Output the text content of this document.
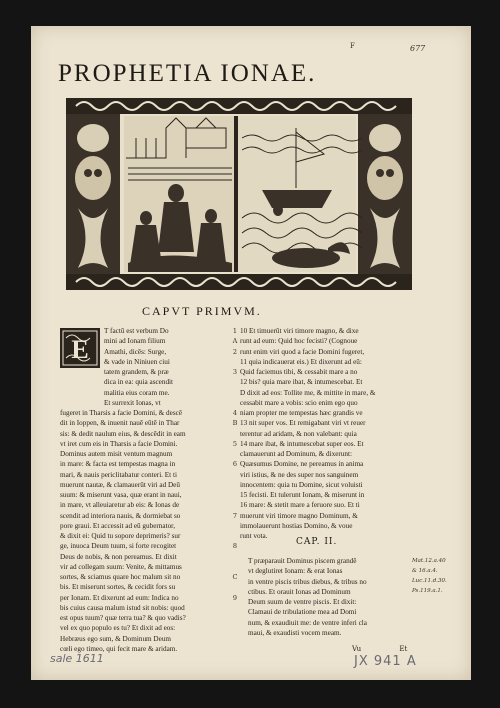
F	677
PROPHETIA IONAE.
CAPVT PRIMVM.
E
T factū est verbum Do
mini ad Ionam filium
Amathi, dicēs: Surge,
& vade in Niniuen ciui
tatem grandem, & præ
dica in ea: quia ascendit
malitia eius coram me.
Et surrexit Ionas, vt
fugeret in Tharsis a facie Domini, & descē
dit in Ioppen, & inuenit nauē eūtē in Thar
sis: & dedit naulum eius, & descēdit in eam
vt iret cum eis in Tharsis a facie Domini.
Dominus autem misit ventum magnum
in mare: & facta est tempestas magna in
mari, & nauis periclitabatur conteri. Et ti
muerunt nautæ, & clamauerūt viri ad Deū
suum: & miserunt vasa, quæ erant in naui,
in mare, vt alleuiaretur ab eis: & Ionas de
scendit ad interiora nauis, & dormiebat so
pore graui. Et accessit ad eū gubernator,
& dixit ei: Quid tu sopore deprimeris? sur
ge, inuoca Deum tuum, si forte recogitet
Deus de nobis, & non pereamus. Et dixit
vir ad collegam suum: Venite, & mittamus
sortes, & sciamus quare hoc malum sit no
bis. Et miserunt sortes, & cecidit fors su
per Ionam. Et dixerunt ad eum: Indica no
bis cuius causa malum istud sit nobis: quod
est opus tuum? quæ terra tua? & quo vadis?
vel ex quo populo es tu? Et dixit ad eos:
Hebræus ego sum, & Dominum Deum
cœli ego timeo, qui fecit mare & aridam.
1
A
2
3
4
B
5
6
7
8
C
9
10 Et timuerūt viri timore magno, & dixe
runt ad eum: Quid hoc fecisti? (Cognoue
runt enim viri quod a facie Domini fugeret,
11 quia indicauerat eis.) Et dixerunt ad eū:
Quid faciemus tibi, & cessabit mare a no
12 bis? quia mare ibat, & intumescebat. Et
D dixit ad eos: Tollite me, & mittite in mare, &
cessabit mare a vobis: scio enim ego quo
niam propter me tempestas hæc grandis ve
13 nit super vos. Et remigabant viri vt reuer
terentur ad aridam, & non valebant: quia
14 mare ibat, & intumescebat super eos. Et
clamauerunt ad Dominum, & dixerunt:
Quæsumus Domine, ne pereamus in anima
viri istius, & ne des super nos sanguinem
innocentem: quia tu Domine, sicut voluisti
15 fecisti. Et tulerunt Ionam, & miserunt in
16 mare: & stetit mare a feruore suo. Et ti
muerunt viri timore magno Dominum, &
immolauerunt hostias Domino, & voue
runt vota.
CAP. II.
T præparauit Dominus piscem grandē
vt deglutiret Ionam: & erat Ionas
in ventre piscis tribus diebus, & tribus no
ctibus. Et orauit Ionas ad Dominum
Deum suum de ventre piscis. Et dixit:
Clamaui de tribulatione mea ad Domi
num, & exaudiuit me: de ventre inferi cla
maui, & exaudisti vocem meam.
Mat.12.a.40
& 16.a.4.
Luc.11.d.30.
Ps.119.a.1.
Vu	Et
sale 1611	JX 941 A
